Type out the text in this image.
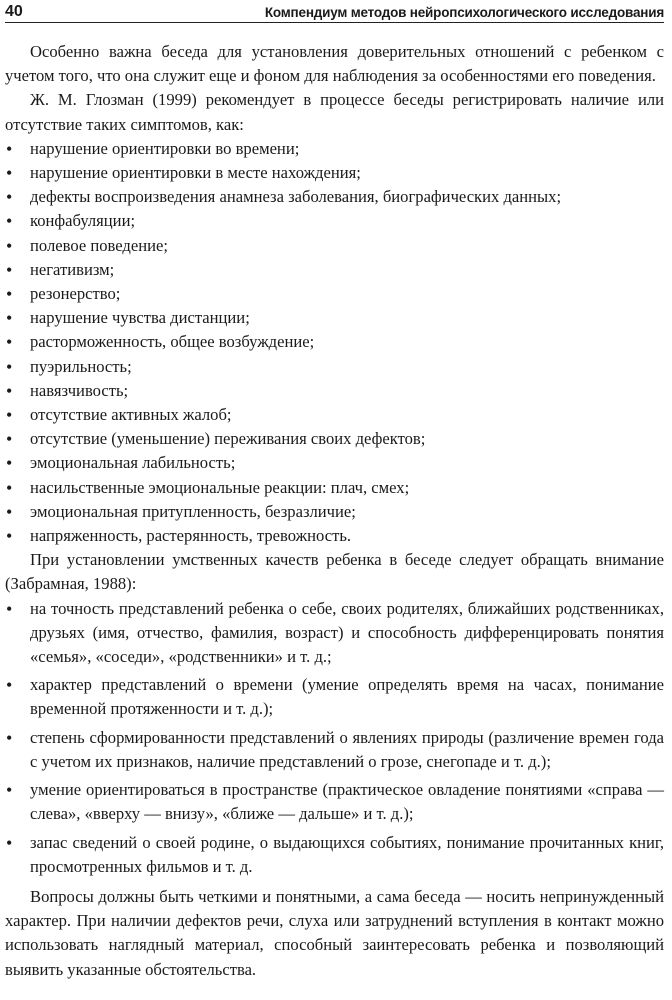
40	Компендиум методов нейропсихологического исследования

Особенно важна беседа для установления доверительных отношений с ребенком с учетом того, что она служит еще и фоном для наблюдения за особенностями его поведения.

Ж. М. Глозман (1999) рекомендует в процессе беседы регистрировать наличие или отсутствие таких симптомов, как:

• нарушение ориентировки во времени;
• нарушение ориентировки в месте нахождения;
• дефекты воспроизведения анамнеза заболевания, биографических данных;
• конфабуляции;
• полевое поведение;
• негативизм;
• резонерство;
• нарушение чувства дистанции;
• расторможенность, общее возбуждение;
• пуэрильность;
• навязчивость;
• отсутствие активных жалоб;
• отсутствие (уменьшение) переживания своих дефектов;
• эмоциональная лабильность;
• насильственные эмоциональные реакции: плач, смех;
• эмоциональная притупленность, безразличие;
• напряженность, растерянность, тревожность.

При установлении умственных качеств ребенка в беседе следует обращать внимание (Забрамная, 1988):

• на точность представлений ребенка о себе, своих родителях, ближайших родственниках, друзьях (имя, отчество, фамилия, возраст) и способность дифференцировать понятия «семья», «соседи», «родственники» и т. д.;
• характер представлений о времени (умение определять время на часах, понимание временной протяженности и т. д.);
• степень сформированности представлений о явлениях природы (различение времен года с учетом их признаков, наличие представлений о грозе, снегопаде и т. д.);
• умение ориентироваться в пространстве (практическое овладение понятиями «справа — слева», «вверху — внизу», «ближе — дальше» и т. д.);
• запас сведений о своей родине, о выдающихся событиях, понимание прочитанных книг, просмотренных фильмов и т. д.

Вопросы должны быть четкими и понятными, а сама беседа — носить непринужденный характер. При наличии дефектов речи, слуха или затруднений вступления в контакт можно использовать наглядный материал, способный заинтересовать ребенка и позволяющий выявить указанные обстоятельства.
